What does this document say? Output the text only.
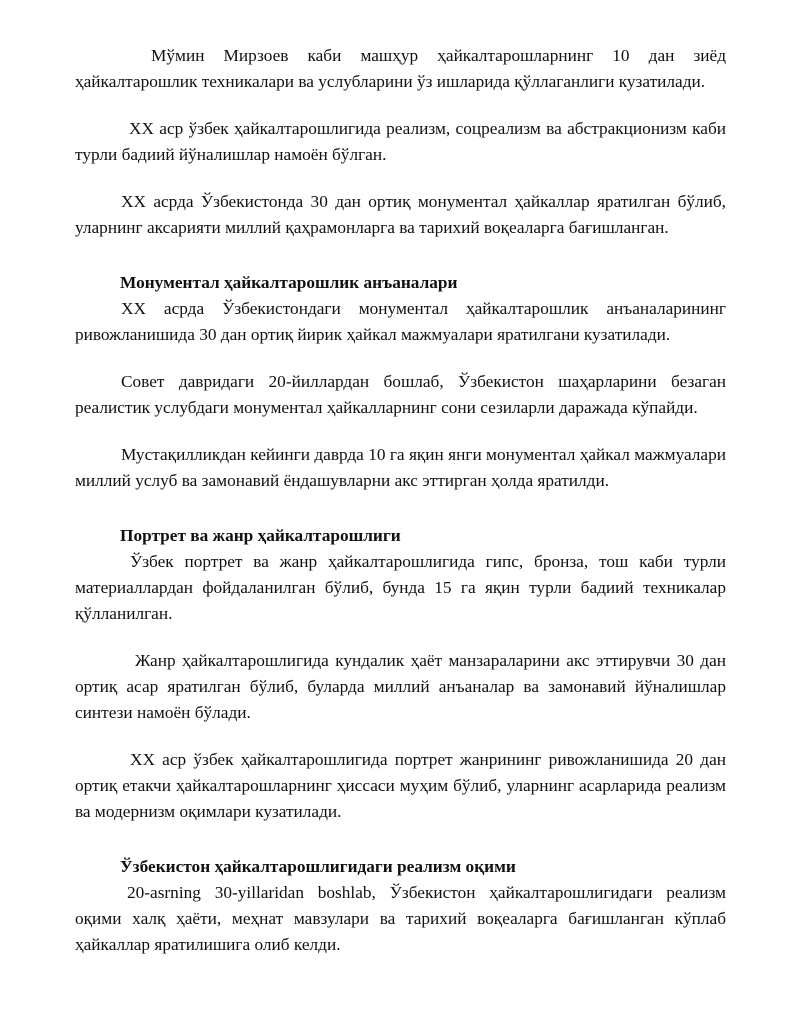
Мўмин Мирзоев каби машҳур ҳайкалтарошларнинг 10 дан зиёд ҳайкалтарошлик техникалари ва услубларини ўз ишларида қўллаганлиги кузатилади.

XX аср ўзбек ҳайкалтарошлигида реализм, соцреализм ва абстракционизм каби турли бадиий йўналишлар намоён бўлган.

XX асрда Ўзбекистонда 30 дан ортиқ монументал ҳайкаллар яратилган бўлиб, уларнинг аксарияти миллий қаҳрамонларга ва тарихий воқеаларга бағишланган.

Монументал ҳайкалтарошлик анъаналари

XX асрда Ўзбекистондаги монументал ҳайкалтарошлик анъаналарининг ривожланишида 30 дан ортиқ йирик ҳайкал мажмуалари яратилгани кузатилади.

Совет давридаги 20-йиллардан бошлаб, Ўзбекистон шаҳарларини безаган реалистик услубдаги монументал ҳайкалларнинг сони сезиларли даражада кўпайди.

Мустақилликдан кейинги даврда 10 га яқин янги монументал ҳайкал мажмуалари миллий услуб ва замонавий ёндашувларни акс эттирган ҳолда яратилди.

Портрет ва жанр ҳайкалтарошлиги

Ўзбек портрет ва жанр ҳайкалтарошлигида гипс, бронза, тош каби турли материаллардан фойдаланилган бўлиб, бунда 15 га яқин турли бадиий техникалар қўлланилган.

Жанр ҳайкалтарошлигида кундалик ҳаёт манзараларини акс эттирувчи 30 дан ортиқ асар яратилган бўлиб, буларда миллий анъаналар ва замонавий йўналишлар синтези намоён бўлади.

XX аср ўзбек ҳайкалтарошлигида портрет жанрининг ривожланишида 20 дан ортиқ етакчи ҳайкалтарошларнинг ҳиссаси муҳим бўлиб, уларнинг асарларида реализм ва модернизм оқимлари кузатилади.

Ўзбекистон ҳайкалтарошлигидаги реализм оқими

20-asrning 30-yillaridan boshlab, Ўзбекистон ҳайкалтарошлигидаги реализм оқими халқ ҳаёти, меҳнат мавзулари ва тарихий воқеаларга бағишланган кўплаб ҳайкаллар яратилишига олиб келди.
